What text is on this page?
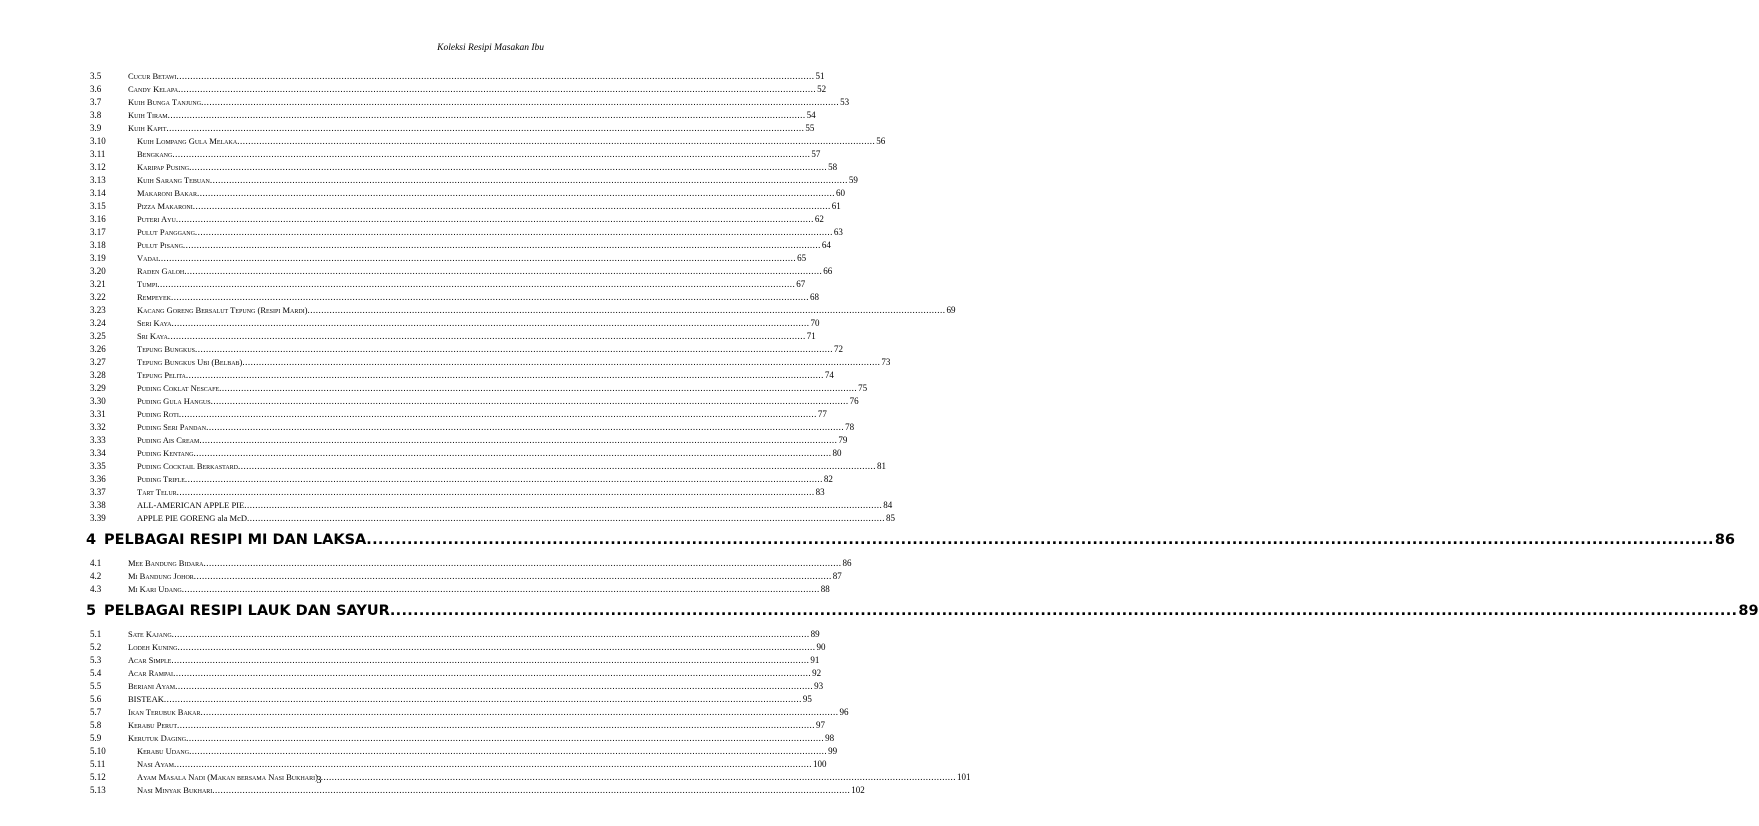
Koleksi Resipi Masakan Ibu
3.5	Cucur Betawi .....	51
3.6	Candy Kelapa .....	52
3.7	Kuih Bunga Tanjung .....	53
3.8	Kuih Tiram .....	54
3.9	Kuih Kapit .....	55
3.10	Kuih Lompang Gula Melaka .....	56
3.11	Bengkang .....	57
3.12	Karipap Pusing .....	58
3.13	Kuih Sarang Tebuan .....	59
3.14	Makaroni Bakar .....	60
3.15	Pizza Makaroni .....	61
3.16	Puteri Ayu .....	62
3.17	Pulut Panggang .....	63
3.18	Pulut Pisang .....	64
3.19	Vadai .....	65
3.20	Raden Galoh .....	66
3.21	Tumpi .....	67
3.22	Rempeyek .....	68
3.23	Kacang Goreng Bersalut Tepung (Resipi Mardi) .....	69
3.24	Seri Kaya .....	70
3.25	Sri Kaya .....	71
3.26	Tepung Bungkus .....	72
3.27	Tepung Bungkus Ubi (Belbab) .....	73
3.28	Tepung Pelita .....	74
3.29	Puding Coklat Nescafe .....	75
3.30	Puding Gula Hangus .....	76
3.31	Puding Roti .....	77
3.32	Puding Seri Pandan .....	78
3.33	Puding Ais Cream .....	79
3.34	Puding Kentang .....	80
3.35	Puding Cocktail Berkastard .....	81
3.36	Puding Trifle .....	82
3.37	Tart Telur .....	83
3.38	ALL-AMERICAN APPLE PIE .....	84
3.39	APPLE PIE GORENG ala McD .....	85
4 PELBAGAI RESIPI MI DAN LAKSA .....	86
4.1	Mee Bandung Bidara .....	86
4.2	Mi Bandung Johor .....	87
4.3	Mi Kari Udang .....	88
5 PELBAGAI RESIPI LAUK DAN SAYUR .....	89
5.1	Sate Kajang .....	89
5.2	Lodeh Kuning .....	90
5.3	Acar Simple .....	91
5.4	Acar Rampai .....	92
5.5	Beriani Ayam .....	93
5.6	BISTEAK .....	95
5.7	Ikan Terubuk Bakar .....	96
5.8	Kerabu Perut .....	97
5.9	Kerutuk Daging .....	98
5.10	Kerabu Udang .....	99
5.11	Nasi Ayam .....	100
5.12	Ayam Masala Nadi (Makan bersama Nasi Bukhari) .....	101
5.13	Nasi Minyak Bukhari .....	102
3
